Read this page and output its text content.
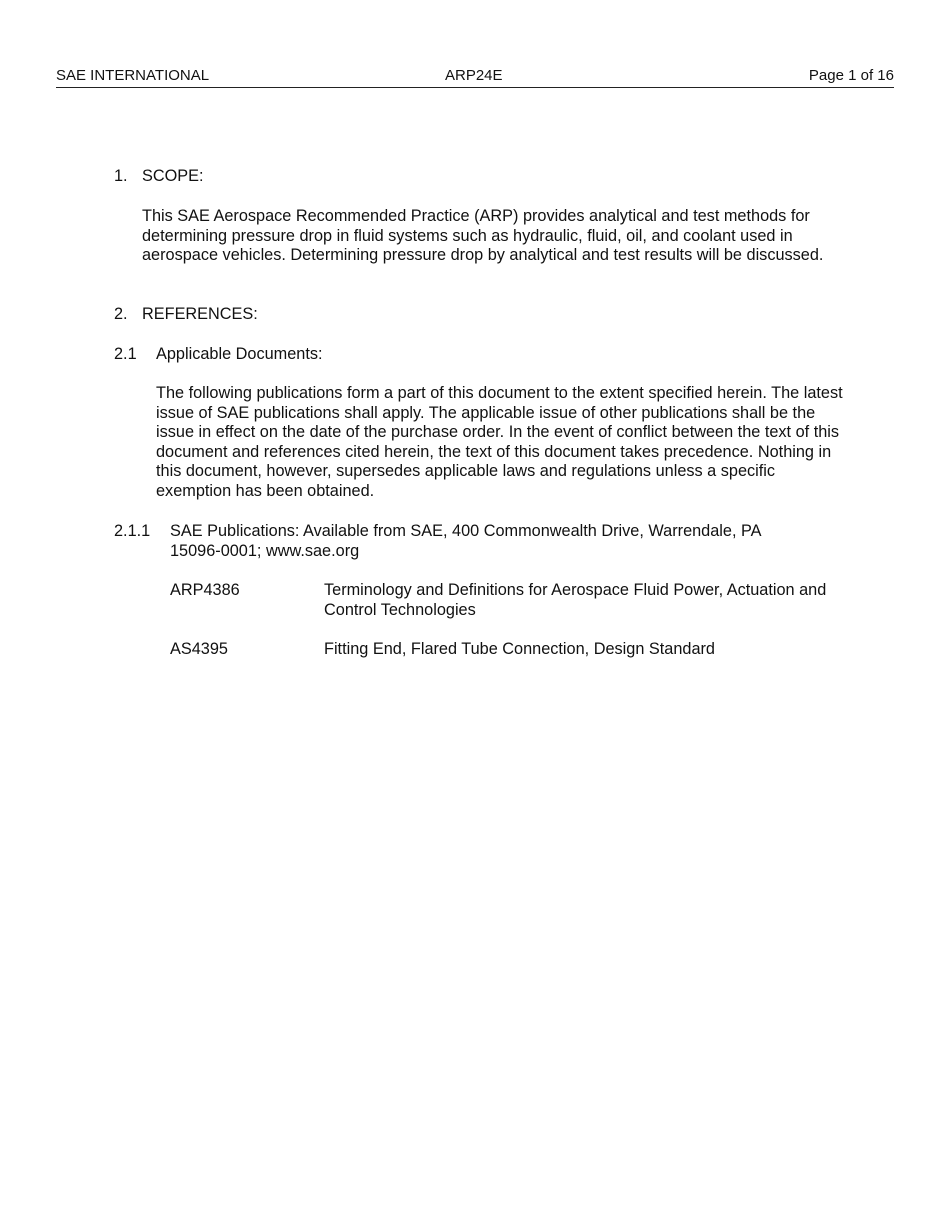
SAE INTERNATIONAL	ARP24E	Page 1 of 16
1. SCOPE:

This SAE Aerospace Recommended Practice (ARP) provides analytical and test methods for determining pressure drop in fluid systems such as hydraulic, fluid, oil, and coolant used in aerospace vehicles. Determining pressure drop by analytical and test results will be discussed.

2. REFERENCES:
2.1 Applicable Documents:

The following publications form a part of this document to the extent specified herein. The latest issue of SAE publications shall apply. The applicable issue of other publications shall be the issue in effect on the date of the purchase order. In the event of conflict between the text of this document and references cited herein, the text of this document takes precedence. Nothing in this document, however, supersedes applicable laws and regulations unless a specific exemption has been obtained.

2.1.1 SAE Publications: Available from SAE, 400 Commonwealth Drive, Warrendale, PA 15096-0001; www.sae.org

ARP4386	Terminology and Definitions for Aerospace Fluid Power, Actuation and Control Technologies

AS4395	Fitting End, Flared Tube Connection, Design Standard
